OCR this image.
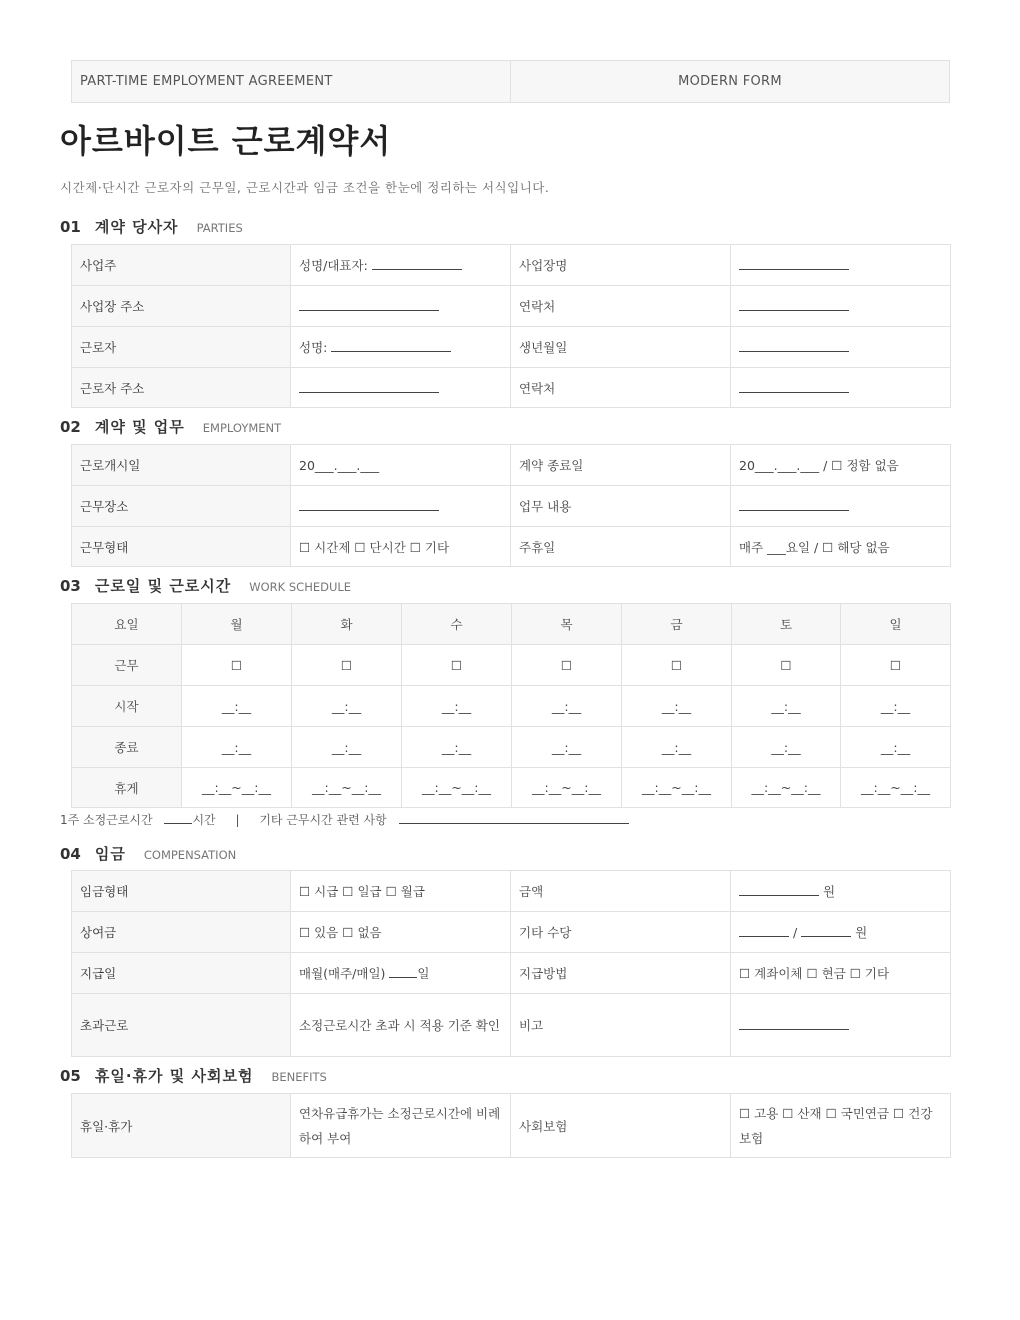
PART-TIME EMPLOYMENT AGREEMENT	MODERN FORM
아르바이트 근로계약서

시간제·단시간 근로자의 근무일, 근로시간과 임금 조건을 한눈에 정리하는 서식입니다.

01 계약 당사자 PARTIES
사업주	성명/대표자:	사업장명	
사업장 주소		연락처	
근로자	성명:	생년월일	
근로자 주소		연락처	
02 계약 및 업무 EMPLOYMENT
근로개시일	20___.___.___	계약 종료일	20___.___.___ / ☐ 정함 없음
근무장소		업무 내용	
근무형태	☐ 시간제 ☐ 단시간 ☐ 기타	주휴일	매주 ___요일 / ☐ 해당 없음
03 근로일 및 근로시간 WORK SCHEDULE
요일	월	화	수	목	금	토	일
근무	☐	☐	☐	☐	☐	☐	☐
시작	__:__	__:__	__:__	__:__	__:__	__:__	__:__
종료	__:__	__:__	__:__	__:__	__:__	__:__	__:__
휴게	__:__~__:__	__:__~__:__	__:__~__:__	__:__~__:__	__:__~__:__	__:__~__:__	__:__~__:__
1주 소정근로시간	시간 | 기타 근무시간 관련 사항
04 임금 COMPENSATION
임금형태	☐ 시급 ☐ 일급 ☐ 월급	금액	원
상여금	☐ 있음 ☐ 없음	기타 수당	/ 원
지급일	매월(매주/매일) 일	지급방법	☐ 계좌이체 ☐ 현금 ☐ 기타
초과근로	소정근로시간 초과 시 적용 기준 확인	비고	
05 휴일·휴가 및 사회보험 BENEFITS
휴일·휴가	연차유급휴가는 소정근로시간에 비례하여 부여	사회보험	☐ 고용 ☐ 산재 ☐ 국민연금 ☐ 건강보험
